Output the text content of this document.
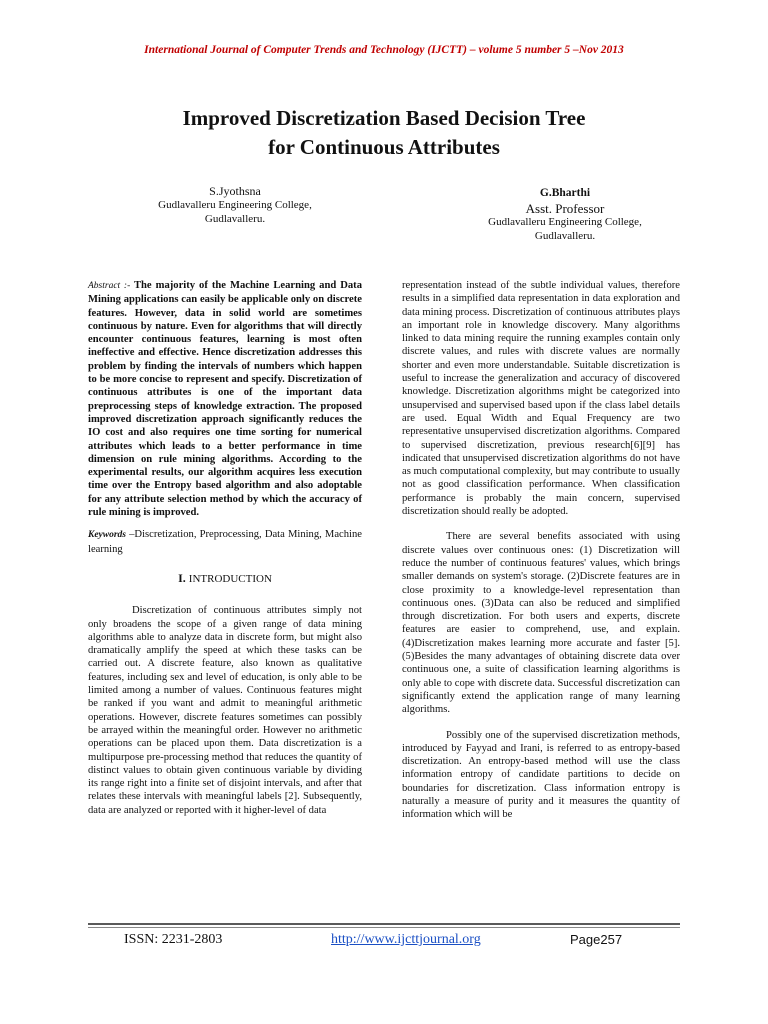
International Journal of Computer Trends and Technology (IJCTT) – volume 5 number 5 –Nov 2013
Improved Discretization Based Decision Tree
for Continuous Attributes
S.Jyothsna
Gudlavalleru Engineering College,
Gudlavalleru.
G.Bharthi
Asst. Professor
Gudlavalleru Engineering College,
Gudlavalleru.

Abstract :- The majority of the Machine Learning and Data Mining applications can easily be applicable only on discrete features. However, data in solid world are sometimes continuous by nature. Even for algorithms that will directly encounter continuous features, learning is most often ineffective and effective. Hence discretization addresses this problem by finding the intervals of numbers which happen to be more concise to represent and specify. Discretization of continuous attributes is one of the important data preprocessing steps of knowledge extraction. The proposed improved discretization approach significantly reduces the IO cost and also requires one time sorting for numerical attributes which leads to a better performance in time dimension on rule mining algorithms. According to the experimental results, our algorithm acquires less execution time over the Entropy based algorithm and also adoptable for any attribute selection method by which the accuracy of rule mining is improved.

Keywords –Discretization, Preprocessing, Data Mining, Machine learning

I. INTRODUCTION

Discretization of continuous attributes simply not only broadens the scope of a given range of data mining algorithms able to analyze data in discrete form, but might also dramatically amplify the speed at which these tasks can be carried out. A discrete feature, also known as qualitative features, including sex and level of education, is only able to be limited among a number of values. Continuous features might be ranked if you want and admit to meaningful arithmetic operations. However, discrete features sometimes can possibly be arrayed within the meaningful order. However no arithmetic operations can be placed upon them. Data discretization is a multipurpose pre-processing method that reduces the quantity of distinct values to obtain given continuous variable by dividing its range right into a finite set of disjoint intervals, and after that relates these intervals with meaningful labels [2]. Subsequently, data are analyzed or reported with it higher-level of data

representation instead of the subtle individual values, therefore results in a simplified data representation in data exploration and data mining process. Discretization of continuous attributes plays an important role in knowledge discovery. Many algorithms linked to data mining require the running examples contain only discrete values, and rules with discrete values are normally shorter and even more understandable. Suitable discretization is useful to increase the generalization and accuracy of discovered knowledge. Discretization algorithms might be categorized into unsupervised and supervised based upon if the class label details are used. Equal Width and Equal Frequency are two representative unsupervised discretization algorithms. Compared to supervised discretization, previous research[6][9] has indicated that unsupervised discretization algorithms do not have as much computational complexity, but may contribute to usually not as good classification performance. When classification performance is probably the main concern, supervised discretization should really be adopted.

There are several benefits associated with using discrete values over continuous ones: (1) Discretization will reduce the number of continuous features' values, which brings smaller demands on system's storage. (2)Discrete features are in close proximity to a knowledge-level representation than continuous ones. (3)Data can also be reduced and simplified through discretization. For both users and experts, discrete features are easier to comprehend, use, and explain. (4)Discretization makes learning more accurate and faster [5]. (5)Besides the many advantages of obtaining discrete data over continuous one, a suite of classification learning algorithms is only able to cope with discrete data. Successful discretization can significantly extend the application range of many learning algorithms.

Possibly one of the supervised discretization methods, introduced by Fayyad and Irani, is referred to as entropy-based discretization. An entropy-based method will use the class information entropy of candidate partitions to decide on boundaries for discretization. Class information entropy is naturally a measure of purity and it measures the quantity of information which will be

ISSN: 2231-2803	http://www.ijcttjournal.org	Page257
